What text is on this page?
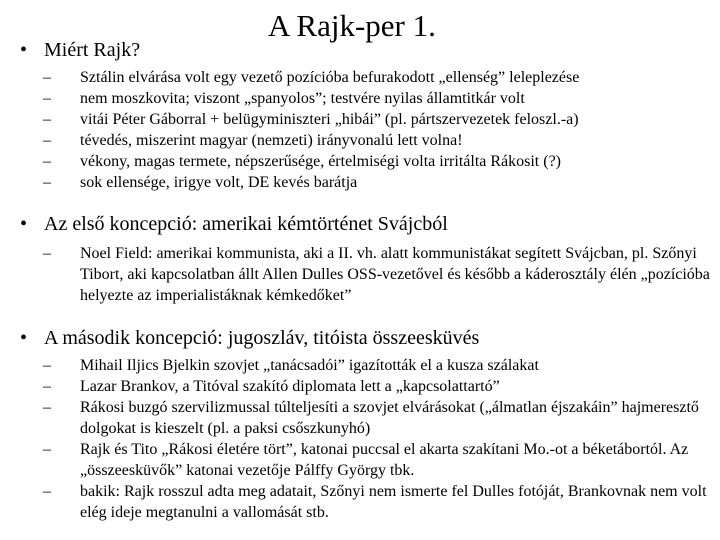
A Rajk-per 1.
• Miért Rajk?

– Sztálin elvárása volt egy vezető pozícióba befurakodott „ellenség” leleplezése
– nem moszkovita; viszont „spanyolos”; testvére nyilas államtitkár volt
– vitái Péter Gáborral + belügyminiszteri „hibái” (pl. pártszervezetek feloszl.-a)
– tévedés, miszerint magyar (nemzeti) irányvonalú lett volna!
– vékony, magas termete, népszerűsége, értelmiségi volta irritálta Rákosit (?)
– sok ellensége, irigye volt, DE kevés barátja
• Az első koncepció: amerikai kémtörténet Svájcból

– Noel Field: amerikai kommunista, aki a II. vh. alatt kommunistákat segített Svájcban, pl. Szőnyi Tibort, aki kapcsolatban állt Allen Dulles OSS-vezetővel és később a káderosztály élén „pozícióba helyezte az imperialistáknak kémkedőket”
• A második koncepció: jugoszláv, titóista összeesküvés

– Mihail Iljics Bjelkin szovjet „tanácsadói” igazították el a kusza szálakat
– Lazar Brankov, a Titóval szakító diplomata lett a „kapcsolattartó”
– Rákosi buzgó szervilizmussal túlteljesíti a szovjet elvárásokat („álmatlan éjszakáin” hajmeresztő dolgokat is kieszelt (pl. a paksi csőszkunyhó)
– Rajk és Tito „Rákosi életére tört”, katonai puccsal el akarta szakítani Mo.-ot a béketábortól. Az „összeesküvők” katonai vezetője Pálffy György tbk.
– bakik: Rajk rosszul adta meg adatait, Szőnyi nem ismerte fel Dulles fotóját, Brankovnak nem volt elég ideje megtanulni a vallomását stb.
